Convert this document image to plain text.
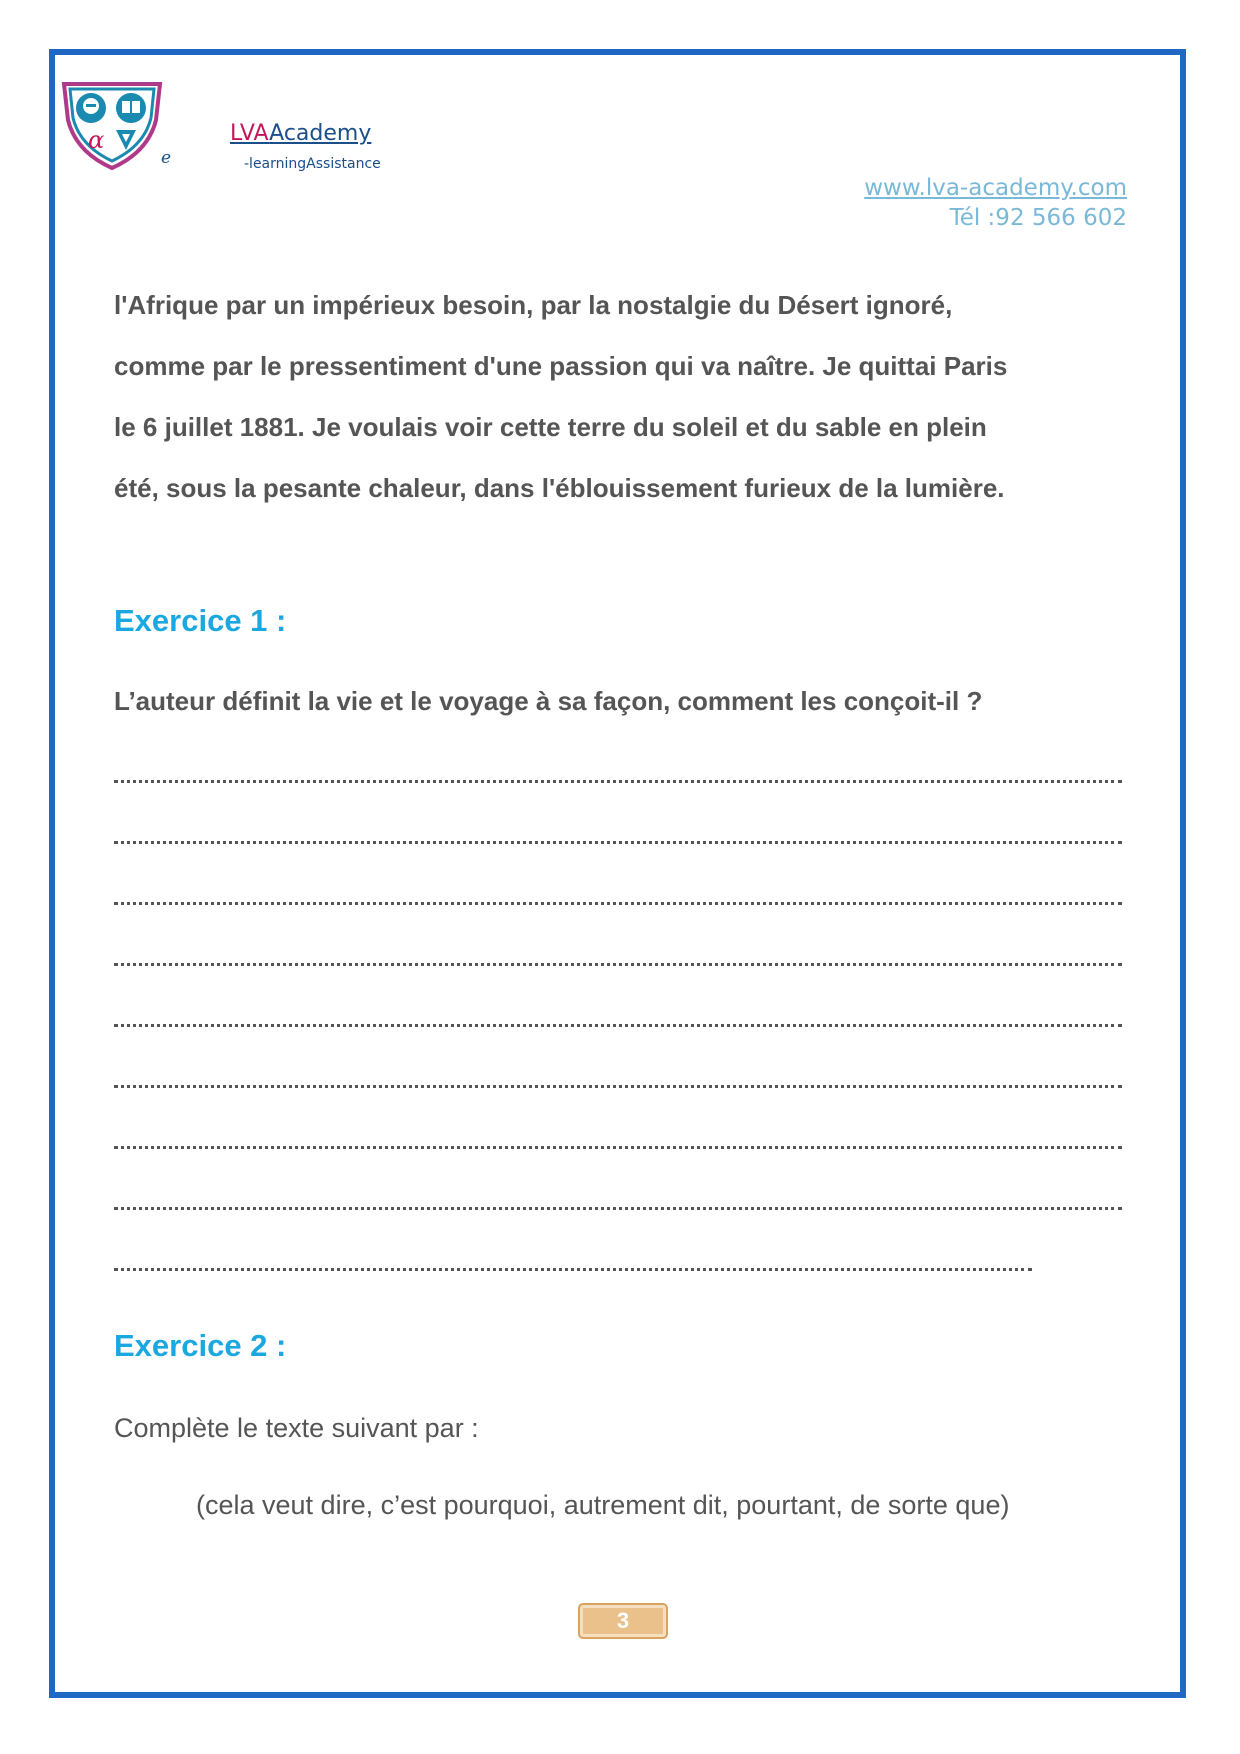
α
e
LVAAcademy
-learningAssistance
www.lva-academy.com
Tél :92 566 602

l'Afrique par un impérieux besoin, par la nostalgie du Désert ignoré,

comme par le pressentiment d'une passion qui va naître. Je quittai Paris

le 6 juillet 1881. Je voulais voir cette terre du soleil et du sable en plein

été, sous la pesante chaleur, dans l'éblouissement furieux de la lumière.

Exercice 1 :
L’auteur définit la vie et le voyage à sa façon, comment les conçoit-il ?
Exercice 2 :
Complète le texte suivant par :
(cela veut dire, c’est pourquoi, autrement dit, pourtant, de sorte que)
3
